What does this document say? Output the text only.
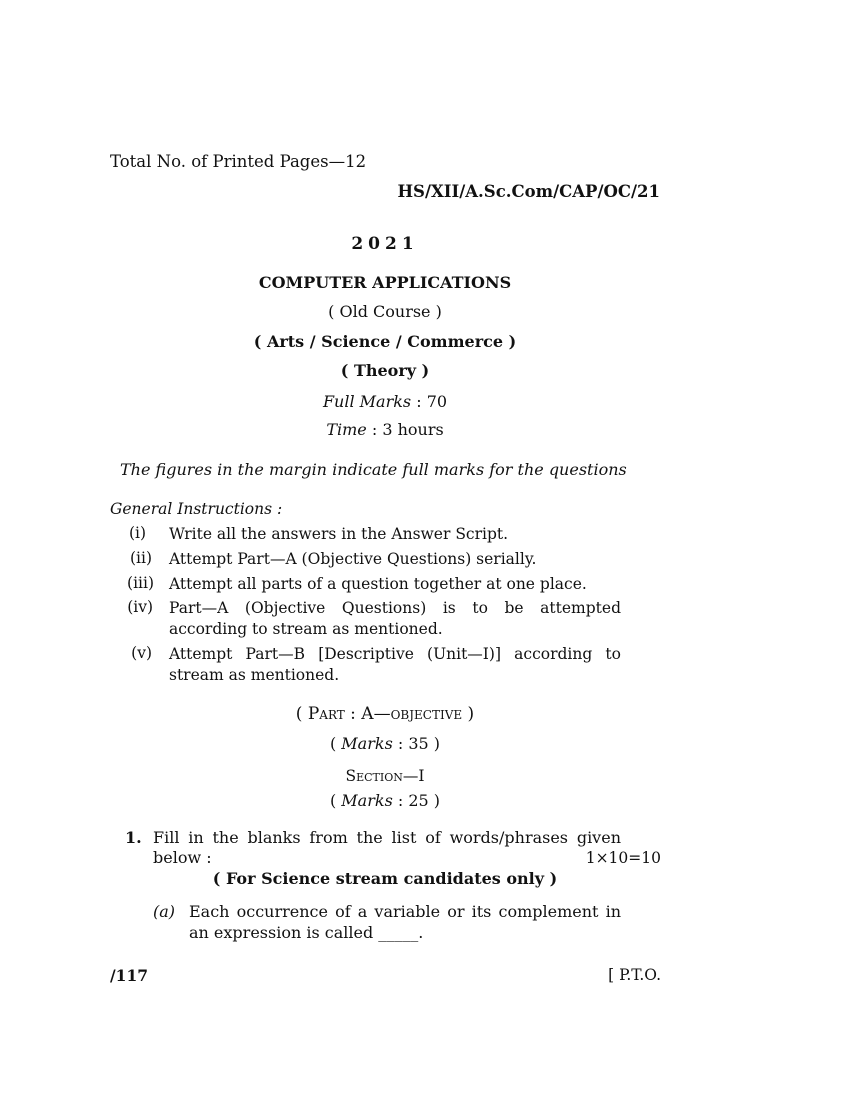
Total No. of Printed Pages—12
HS/XII/A.Sc.Com/CAP/OC/21
2021
COMPUTER APPLICATIONS
( Old Course )
( Arts / Science / Commerce )
( Theory )
Full Marks : 70
Time : 3 hours
The figures in the margin indicate full marks for the questions
General Instructions :
(i) Write all the answers in the Answer Script.
(ii) Attempt Part—A (Objective Questions) serially.
(iii) Attempt all parts of a question together at one place.
(iv) Part—A (Objective Questions) is to be attempted according to stream as mentioned.
(v) Attempt Part—B [Descriptive (Unit—I)] according to stream as mentioned.
( Part : A—objective )
( Marks : 35 )
Section—I
( Marks : 25 )
1. Fill in the blanks from the list of words/phrases given
below :	1×10=10
( For Science stream candidates only )
(a) Each occurrence of a variable or its complement in
an expression is called _____.
/117	[ P.T.O.
